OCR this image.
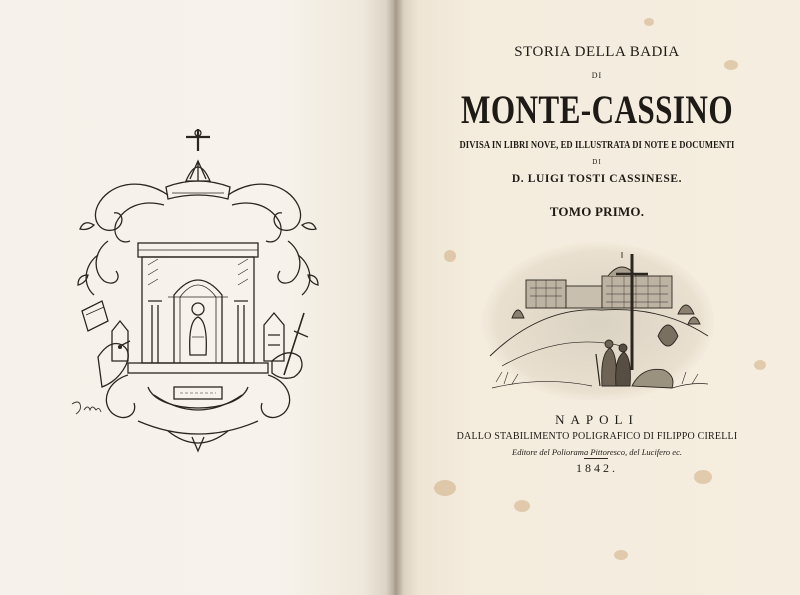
STORIA DELLA BADIA
DI
MONTE-CASSINO
DIVISA IN LIBRI NOVE, ED ILLUSTRATA DI NOTE E DOCUMENTI
DI
D. LUIGI TOSTI CASSINESE.
TOMO PRIMO.
NAPOLI
DALLO STABILIMENTO POLIGRAFICO DI FILIPPO CIRELLI
Editore del Poliorama Pittoresco, del Lucifero ec.
1842.
